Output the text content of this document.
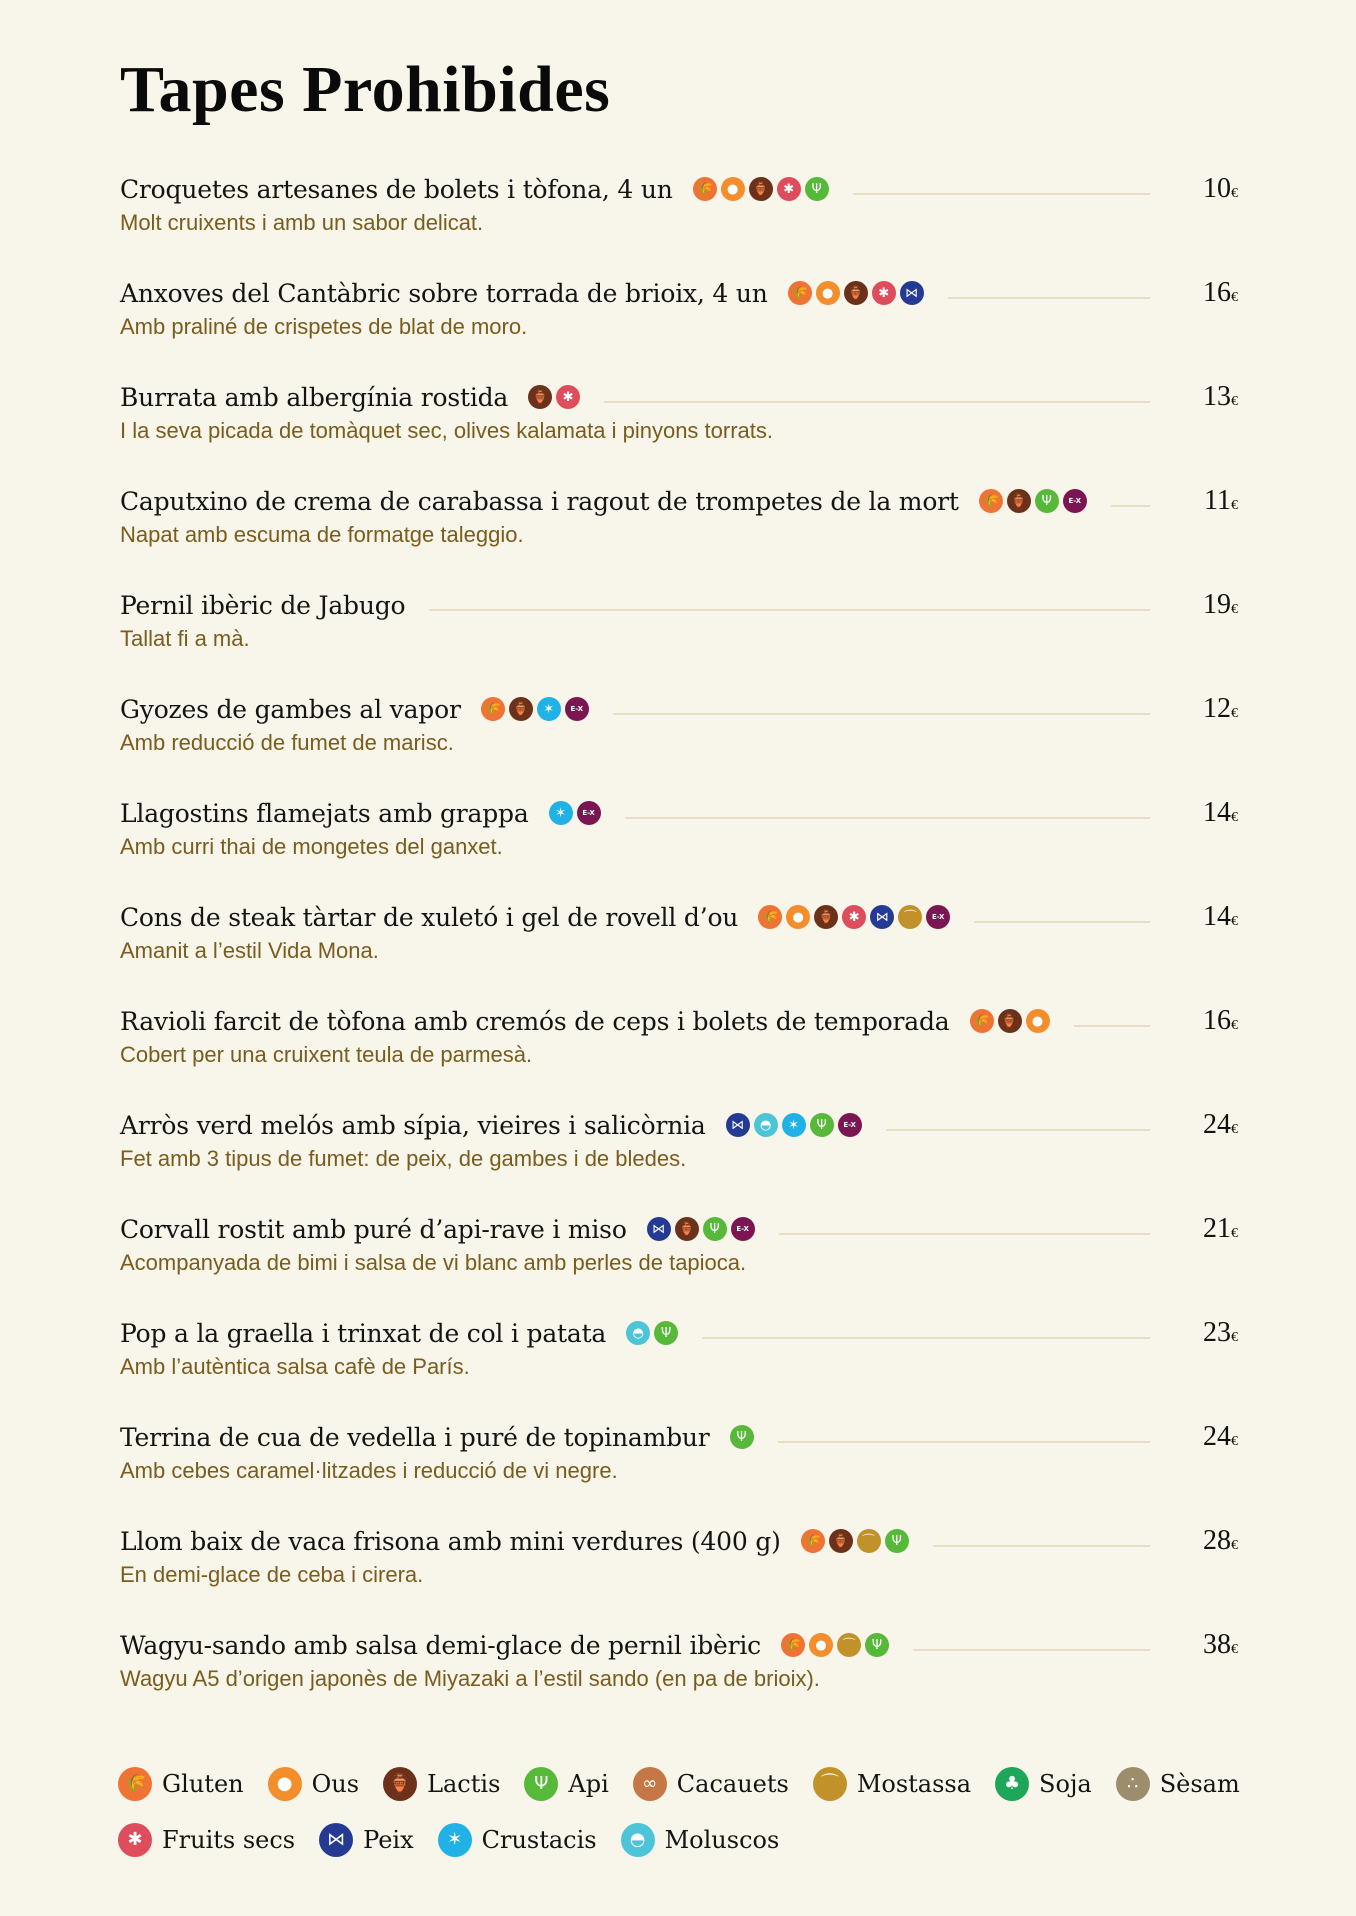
Tapes Prohibides
Croquetes artesanes de bolets i tòfona, 4 un	🌾	●	🏺	✱	Ψ	10€
Molt cruixents i amb un sabor delicat.
Anxoves del Cantàbric sobre torrada de brioix, 4 un	🌾	●	🏺	✱	⋈	16€
Amb praliné de crispetes de blat de moro.
Burrata amb albergínia rostida	🏺	✱	13€
I la seva picada de tomàquet sec, olives kalamata i pinyons torrats.
Caputxino de crema de carabassa i ragout de trompetes de la mort	🌾 🏺	Ψ	E-X	11€
Napat amb escuma de formatge taleggio.
Pernil ibèric de Jabugo	19€
Tallat fi a mà.
Gyozes de gambes al vapor	🌾 🏺	✶	E-X	12€
Amb reducció de fumet de marisc.
Llagostins flamejats amb grappa	✶	E-X	14€
Amb curri thai de mongetes del ganxet.
Cons de steak tàrtar de xuletó i gel de rovell d’ou	🌾	●	🏺	✱	⋈	⌒	E-X	14€
Amanit a l’estil Vida Mona.
Ravioli farcit de tòfona amb cremós de ceps i bolets de temporada	🌾 🏺	●	16€
Cobert per una cruixent teula de parmesà.
Arròs verd melós amb sípia, vieires i salicòrnia	⋈	◓	✶	Ψ	E-X	24€
Fet amb 3 tipus de fumet: de peix, de gambes i de bledes.
Corvall rostit amb puré d’api-rave i miso	⋈	🏺	Ψ	E-X	21€
Acompanyada de bimi i salsa de vi blanc amb perles de tapioca.
Pop a la graella i trinxat de col i patata	◓	Ψ	23€
Amb l’autèntica salsa cafè de París.
Terrina de cua de vedella i puré de topinambur	Ψ	24€
Amb cebes caramel·litzades i reducció de vi negre.
Llom baix de vaca frisona amb mini verdures (400 g)	🌾 🏺	⌒	Ψ	28€
En demi-glace de ceba i cirera.
Wagyu-sando amb salsa demi-glace de pernil ibèric	🌾	●	⌒	Ψ	38€
Wagyu A5 d’origen japonès de Miyazaki a l’estil sando (en pa de brioix).
🌾 Gluten	● Ous	🏺 Lactis	Ψ Api	∞ Cacauets	⌒ Mostassa	♣ Soja	∴ Sèsam
✱ Fruits secs	⋈ Peix	✶ Crustacis	◓ Moluscos
